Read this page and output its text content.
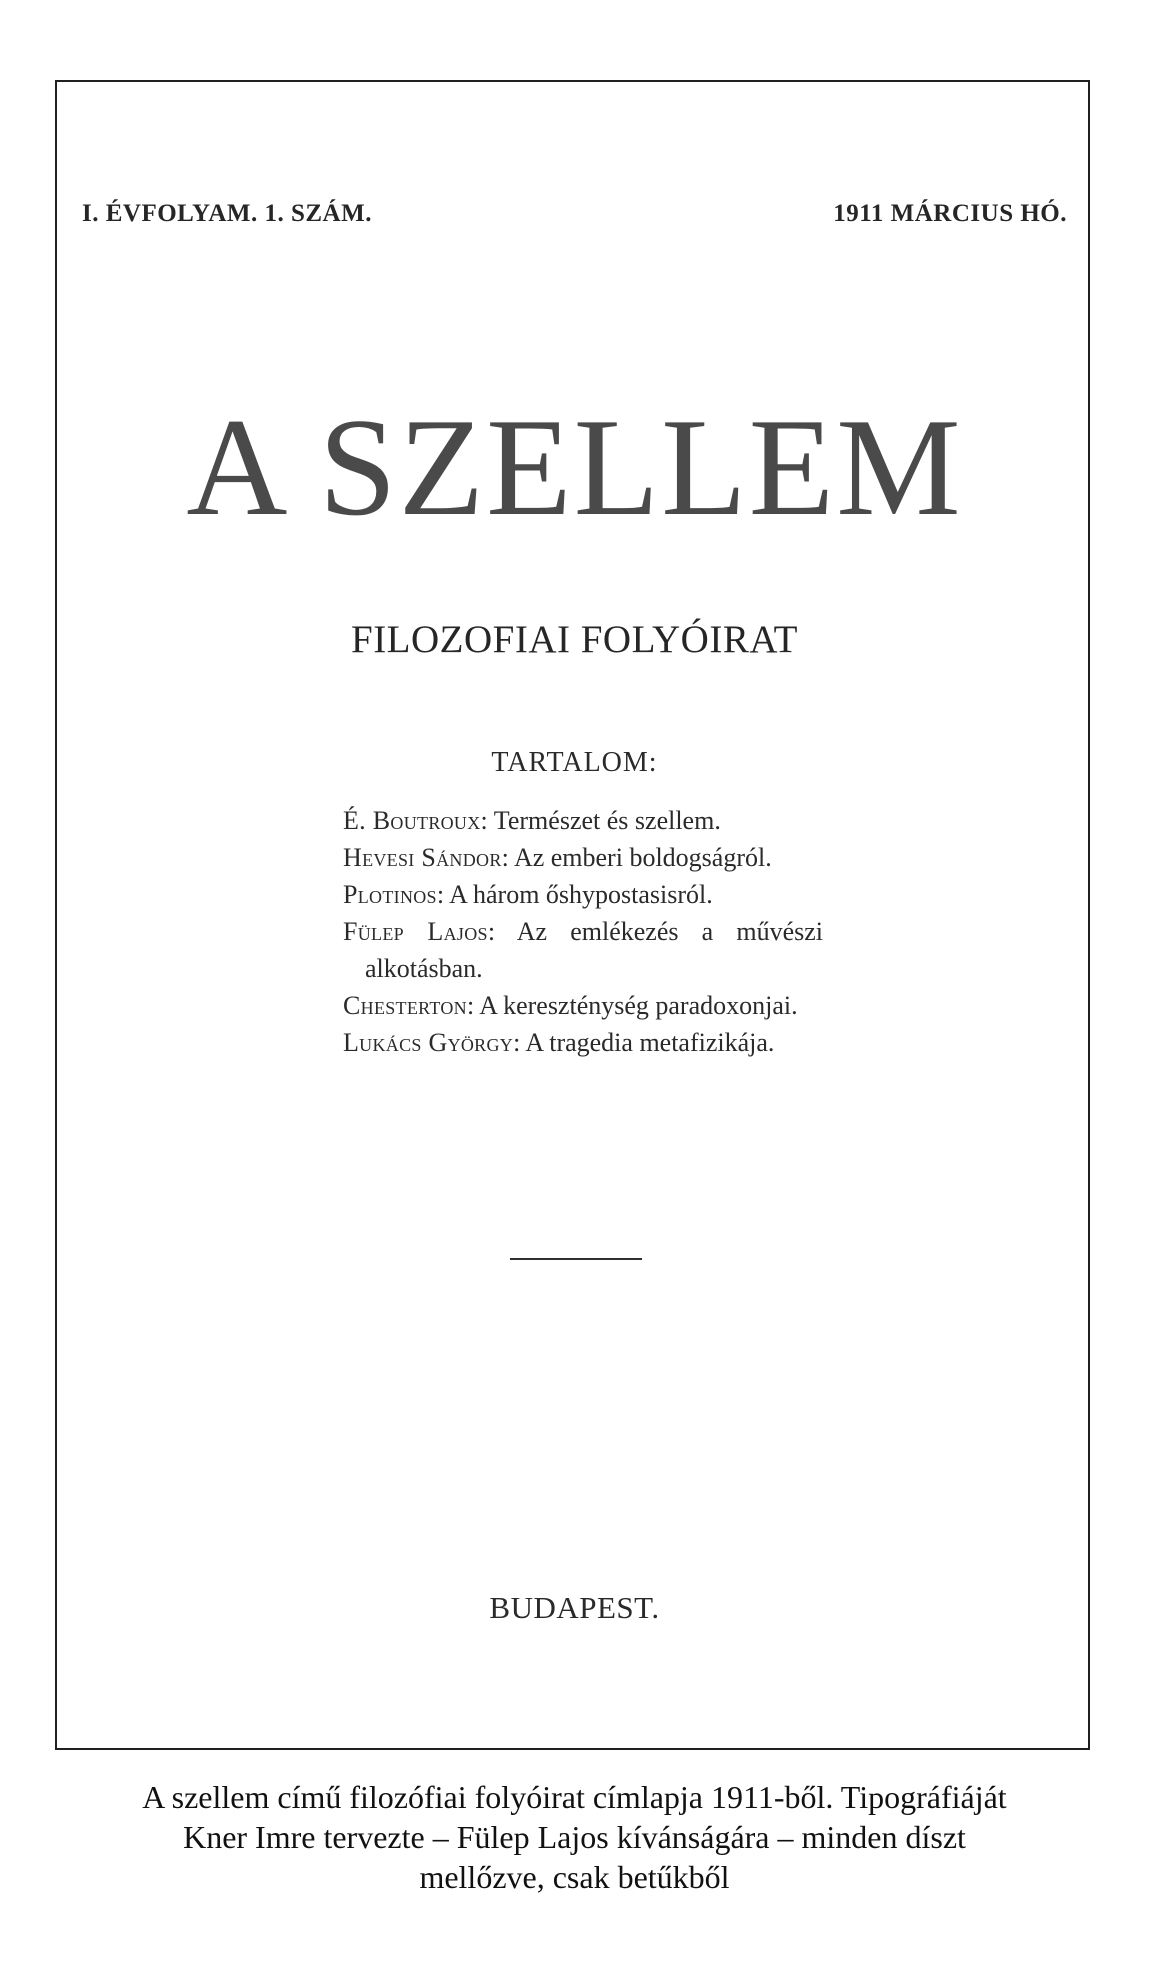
I. ÉVFOLYAM. 1. SZÁM.	1911 MÁRCIUS HÓ.
A SZELLEM
FILOZOFIAI FOLYÓIRAT
TARTALOM:
É. Boutroux: Természet és szellem.
Hevesi Sándor: Az emberi boldogságról.
Plotinos: A három őshypostasisról.
Fülep Lajos: Az emlékezés a művészi alkotásban.
Chesterton: A kereszténység paradoxonjai.
Lukács György: A tragedia metafizikája.
BUDAPEST.
A szellem című filozófiai folyóirat címlapja 1911-ből. Tipográfiáját
Kner Imre tervezte – Fülep Lajos kívánságára – minden díszt
mellőzve, csak betűkből
